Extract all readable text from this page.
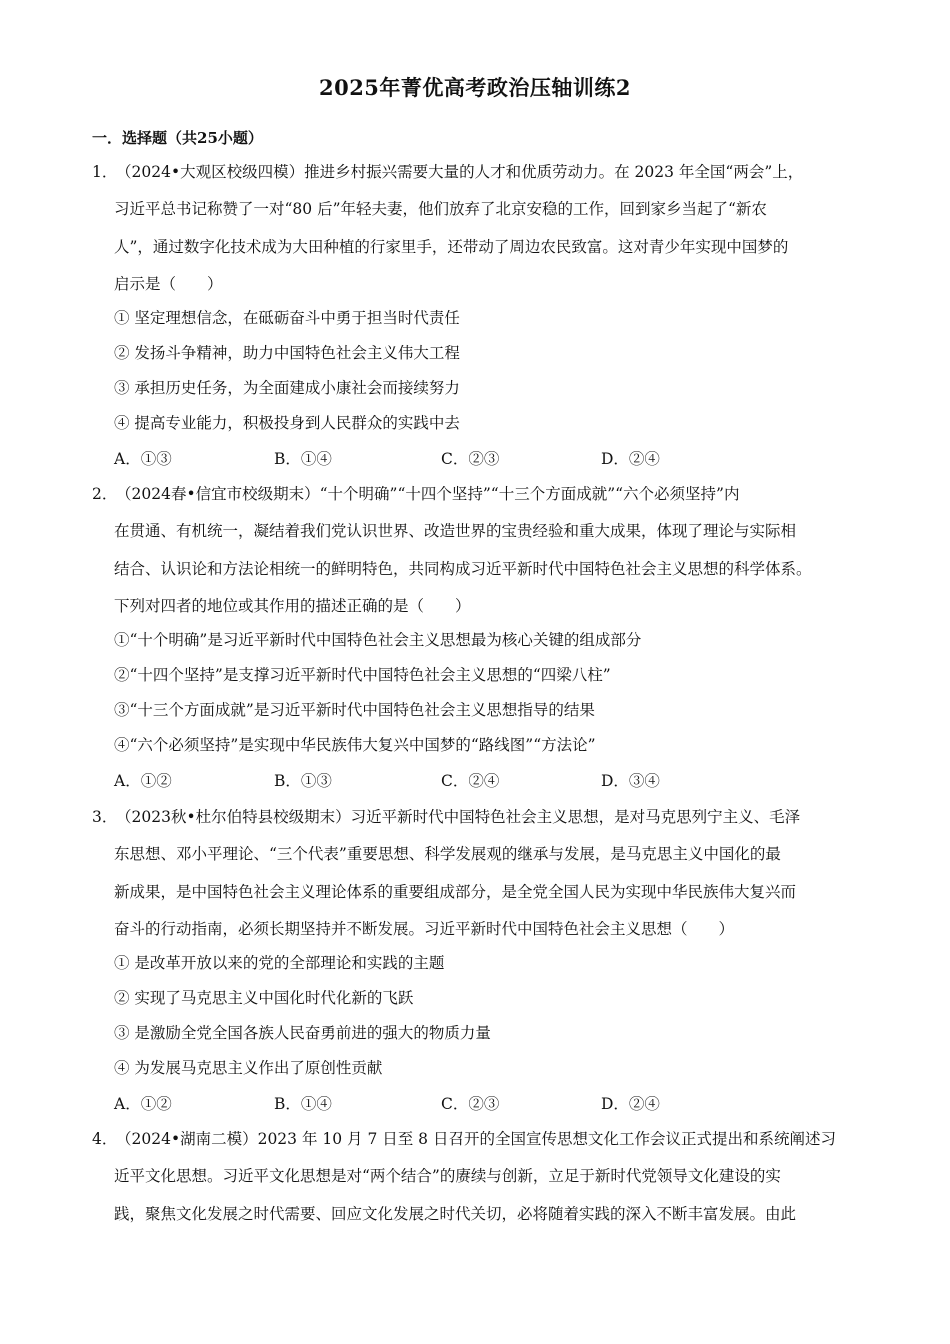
2025年菁优高考政治压轴训练2
一．选择题（共25小题）
1．
（2024•大观区校级四模）推进乡村振兴需要大量的人才和优质劳动力。在 2023 年全国“两会”上，
习近平总书记称赞了一对“80 后”年轻夫妻，他们放弃了北京安稳的工作，回到家乡当起了“新农
人”，通过数字化技术成为大田种植的行家里手，还带动了周边农民致富。这对青少年实现中国梦的
启示是（　　）
① 坚定理想信念，在砥砺奋斗中勇于担当时代责任
② 发扬斗争精神，助力中国特色社会主义伟大工程
③ 承担历史任务，为全面建成小康社会而接续努力
④ 提高专业能力，积极投身到人民群众的实践中去
A．①③	B．①④	C．②③	D．②④
2．
（2024春•信宜市校级期末）“十个明确”“十四个坚持”“十三个方面成就”“六个必须坚持”内
在贯通、有机统一，凝结着我们党认识世界、改造世界的宝贵经验和重大成果，体现了理论与实际相
结合、认识论和方法论相统一的鲜明特色，共同构成习近平新时代中国特色社会主义思想的科学体系。
下列对四者的地位或其作用的描述正确的是（　　）
①“十个明确”是习近平新时代中国特色社会主义思想最为核心关键的组成部分
②“十四个坚持”是支撑习近平新时代中国特色社会主义思想的“四梁八柱”
③“十三个方面成就”是习近平新时代中国特色社会主义思想指导的结果
④“六个必须坚持”是实现中华民族伟大复兴中国梦的“路线图”“方法论”
A．①②	B．①③	C．②④	D．③④
3．
（2023秋•杜尔伯特县校级期末）习近平新时代中国特色社会主义思想，是对马克思列宁主义、毛泽
东思想、邓小平理论、“三个代表”重要思想、科学发展观的继承与发展，是马克思主义中国化的最
新成果，是中国特色社会主义理论体系的重要组成部分，是全党全国人民为实现中华民族伟大复兴而
奋斗的行动指南，必须长期坚持并不断发展。习近平新时代中国特色社会主义思想（　　）
① 是改革开放以来的党的全部理论和实践的主题
② 实现了马克思主义中国化时代化新的飞跃
③ 是激励全党全国各族人民奋勇前进的强大的物质力量
④ 为发展马克思主义作出了原创性贡献
A．①②	B．①④	C．②③	D．②④
4．
（2024•湖南二模）2023 年 10 月 7 日至 8 日召开的全国宣传思想文化工作会议正式提出和系统阐述习
近平文化思想。习近平文化思想是对“两个结合”的赓续与创新，立足于新时代党领导文化建设的实
践，聚焦文化发展之时代需要、回应文化发展之时代关切，必将随着实践的深入不断丰富发展。由此
